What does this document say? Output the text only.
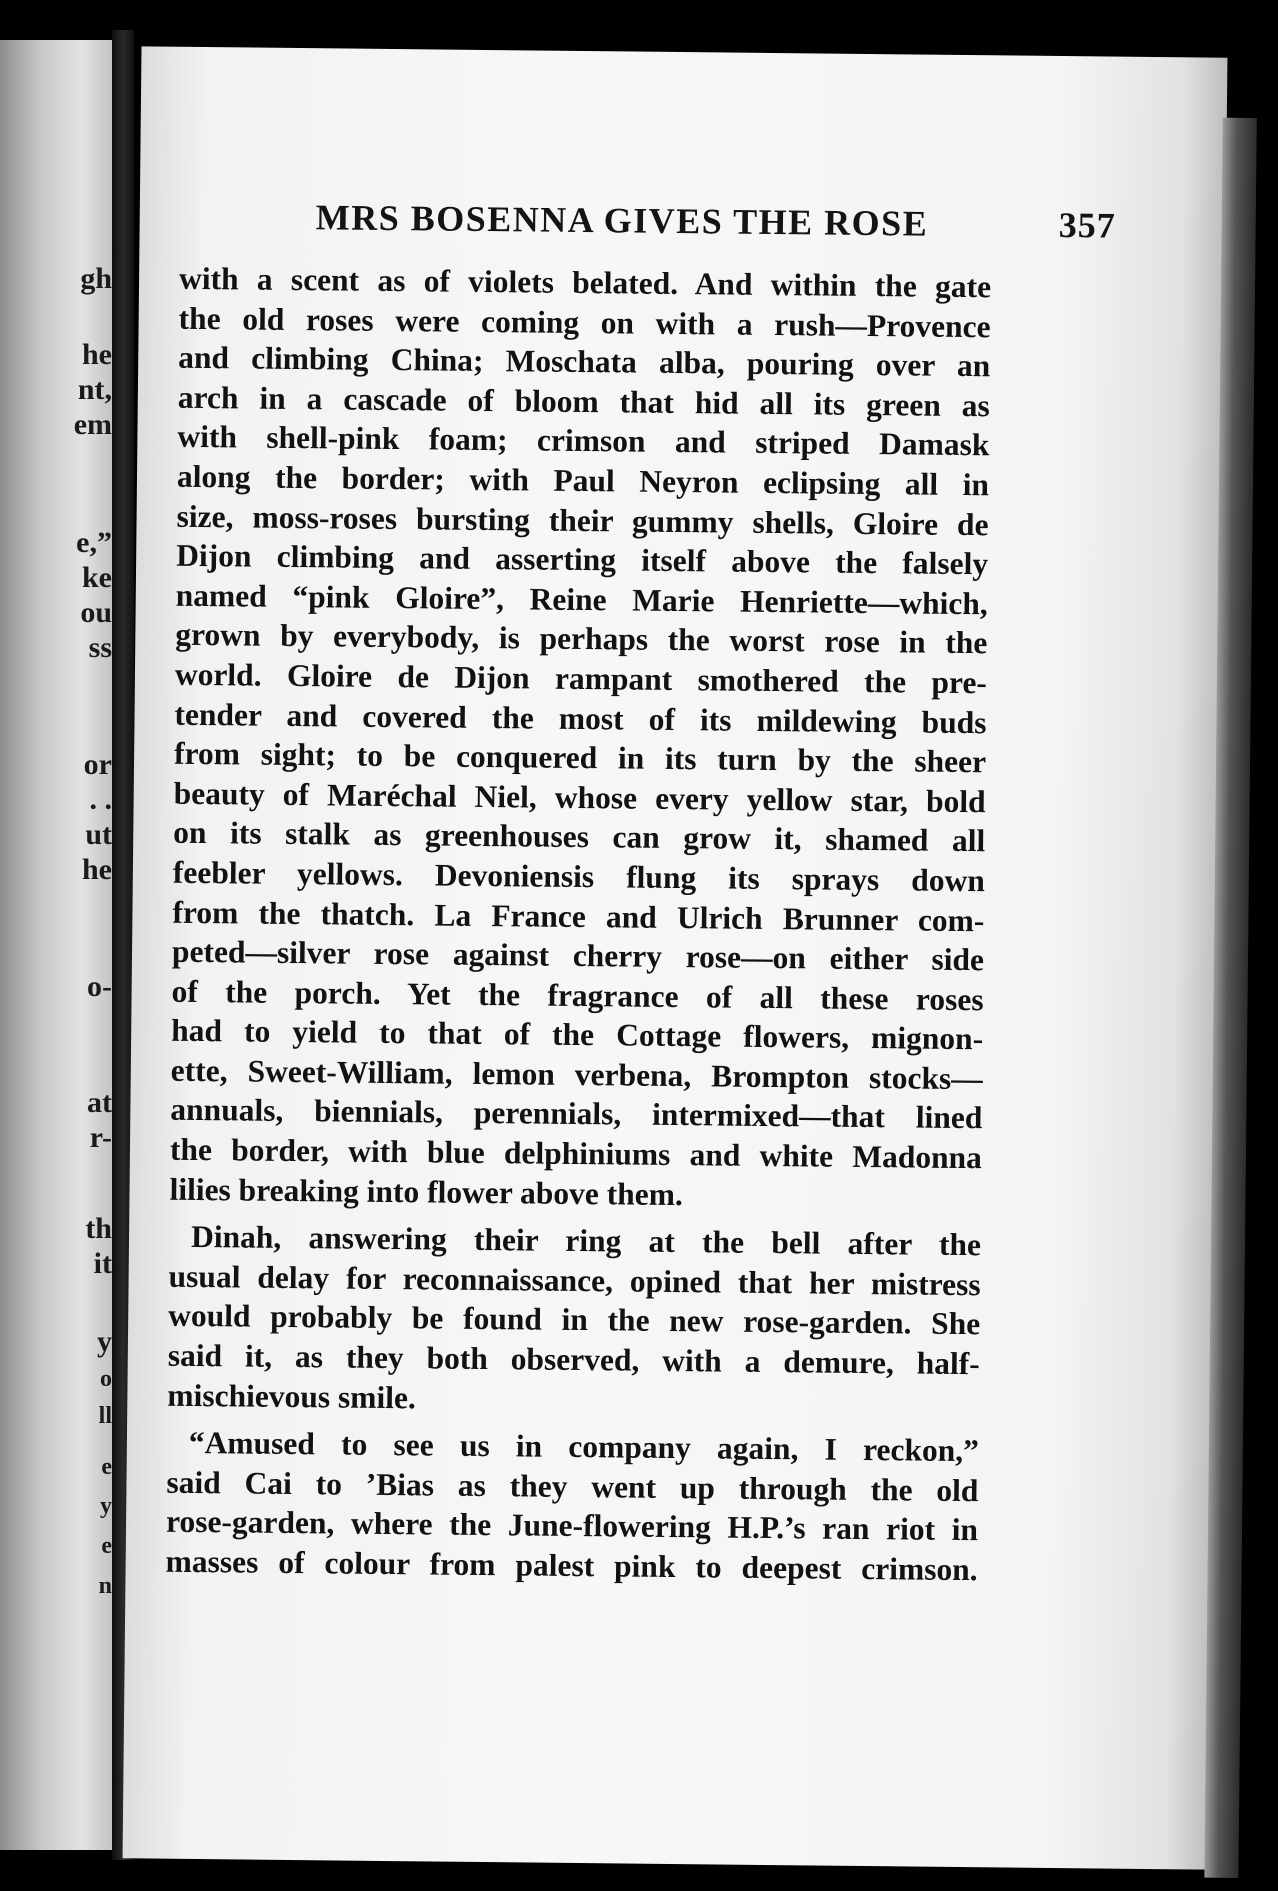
gh
he
nt,
em
e,”
ke
ou
ss
or
. .
ut
he
o-
at
r-
th
it
y
o
ll
e
y
e
n
MRS BOSENNA GIVES THE ROSE	357
with a scent as of violets belated. And within the gate
the old roses were coming on with a rush—Provence
and climbing China; Moschata alba, pouring over an
arch in a cascade of bloom that hid all its green as
with shell-pink foam; crimson and striped Damask
along the border; with Paul Neyron eclipsing all in
size, moss-roses bursting their gummy shells, Gloire de
Dijon climbing and asserting itself above the falsely
named “pink Gloire”, Reine Marie Henriette—which,
grown by everybody, is perhaps the worst rose in the
world. Gloire de Dijon rampant smothered the pre-
tender and covered the most of its mildewing buds
from sight; to be conquered in its turn by the sheer
beauty of Maréchal Niel, whose every yellow star, bold
on its stalk as greenhouses can grow it, shamed all
feebler yellows. Devoniensis flung its sprays down
from the thatch. La France and Ulrich Brunner com-
peted—silver rose against cherry rose—on either side
of the porch. Yet the fragrance of all these roses
had to yield to that of the Cottage flowers, mignon-
ette, Sweet-William, lemon verbena, Brompton stocks—
annuals, biennials, perennials, intermixed—that lined
the border, with blue delphiniums and white Madonna
lilies breaking into flower above them.
Dinah, answering their ring at the bell after the
usual delay for reconnaissance, opined that her mistress
would probably be found in the new rose-garden. She
said it, as they both observed, with a demure, half-
mischievous smile.
“Amused to see us in company again, I reckon,”
said Cai to ’Bias as they went up through the old
rose-garden, where the June-flowering H.P.’s ran riot in
masses of colour from palest pink to deepest crimson.
